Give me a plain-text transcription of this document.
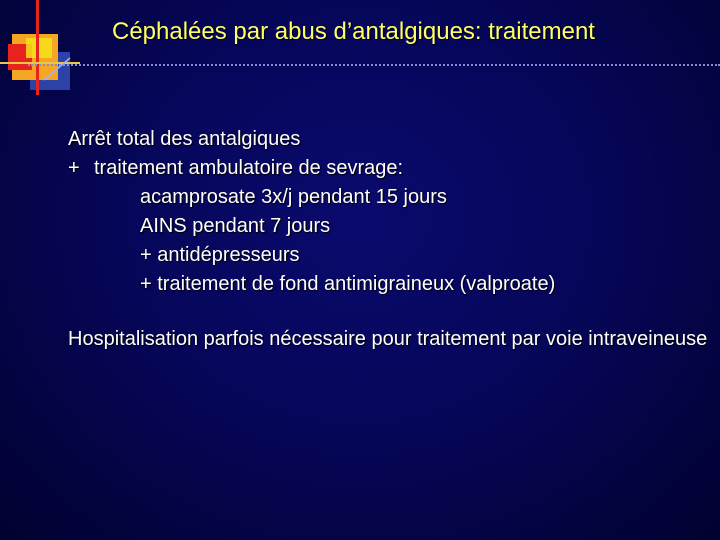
Céphalées par abus d’antalgiques: traitement
Arrêt total des antalgiques
+ traitement ambulatoire de sevrage:
acamprosate 3x/j pendant 15 jours
AINS pendant 7 jours
+ antidépresseurs
+ traitement de fond antimigraineux (valproate)
Hospitalisation parfois nécessaire pour traitement par voie intraveineuse
